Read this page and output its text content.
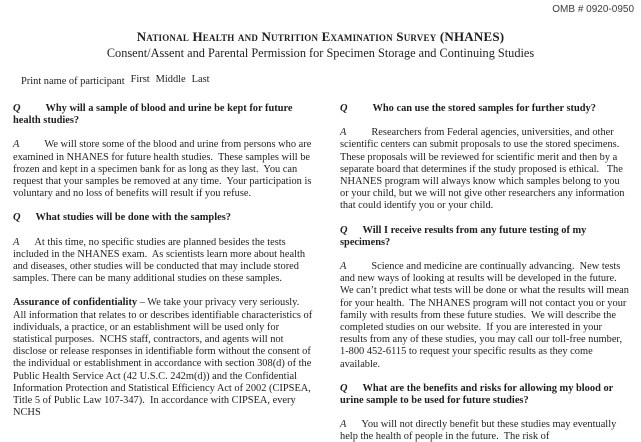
OMB # 0920-0950
National Health and Nutrition Examination Survey (NHANES)
Consent/Assent and Parental Permission for Specimen Storage and Continuing Studies
Print name of participant First Middle Last

Q Why will a sample of blood and urine be kept for future health studies?

A We will store some of the blood and urine from persons who are examined in NHANES for future health studies.  These samples will be frozen and kept in a specimen bank for as long as they last.  You can request that your samples be removed at any time.  Your participation is voluntary and no loss of benefits will result if you refuse.

Q What studies will be done with the samples?

A At this time, no specific studies are planned besides the tests included in the NHANES exam.  As scientists learn more about health and diseases, other studies will be conducted that may include stored samples. There can be many additional studies on these samples.

Assurance of confidentiality – We take your privacy very seriously.  All information that relates to or describes identifiable characteristics of individuals, a practice, or an establishment will be used only for statistical purposes.  NCHS staff, contractors, and agents will not disclose or release responses in identifiable form without the consent of the individual or establishment in accordance with section 308(d) of the Public Health Service Act (42 U.S.C. 242m(d)) and the Confidential Information Protection and Statistical Efficiency Act of 2002 (CIPSEA, Title 5 of Public Law 107-347).  In accordance with CIPSEA, every NCHS

Q Who can use the stored samples for further study?

A Researchers from Federal agencies, universities, and other scientific centers can submit proposals to use the stored specimens.  These proposals will be reviewed for scientific merit and then by a separate board that determines if the study proposed is ethical.   The NHANES program will always know which samples belong to you or your child, but we will not give other researchers any information that could identify you or your child.

Q Will I receive results from any future testing of my specimens?

A Science and medicine are continually advancing.  New tests and new ways of looking at results will be developed in the future.  We can’t predict what tests will be done or what the results will mean for your health.  The NHANES program will not contact you or your family with results from these future studies.  We will describe the completed studies on our website.  If you are interested in your results from any of these studies, you may call our toll-free number, 1-800 452-6115 to request your specific results as they come available.

Q What are the benefits and risks for allowing my blood or urine sample to be used for future studies?

A You will not directly benefit but these studies may eventually help the health of people in the future.  The risk of
